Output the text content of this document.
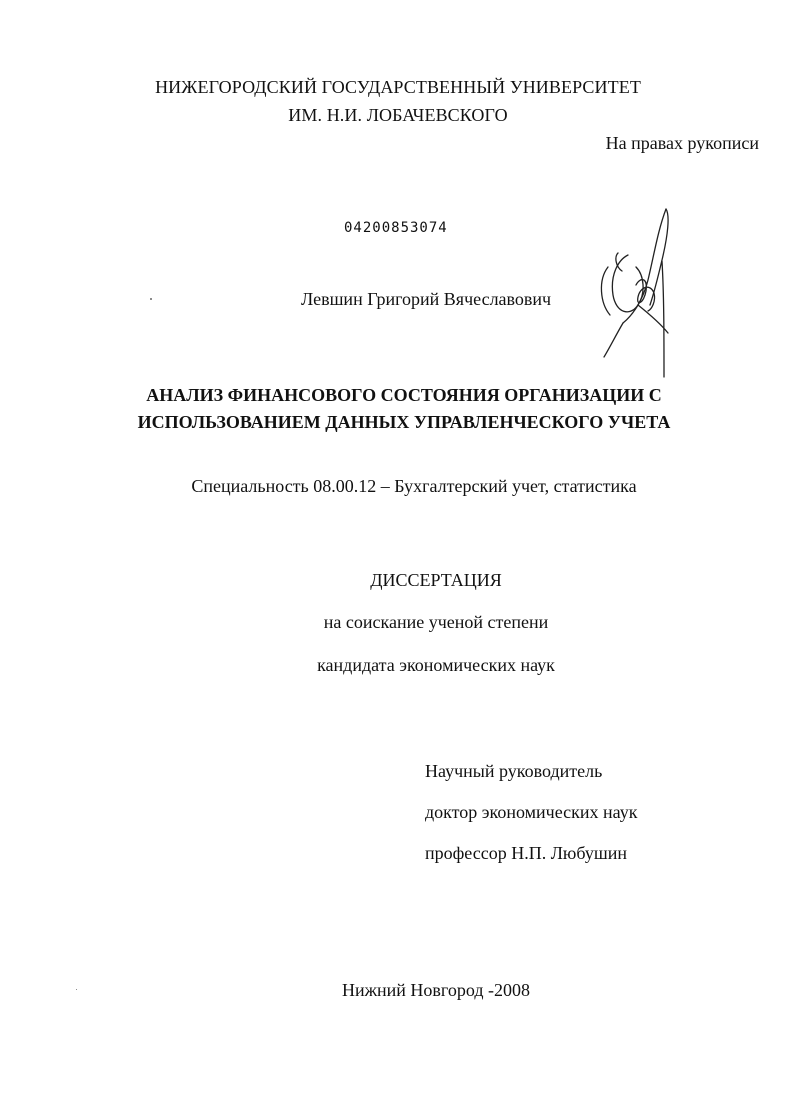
НИЖЕГОРОДСКИЙ ГОСУДАРСТВЕННЫЙ УНИВЕРСИТЕТ
ИМ. Н.И. ЛОБАЧЕВСКОГО
На правах рукописи
04200853074
Левшин Григорий Вячеславович
АНАЛИЗ ФИНАНСОВОГО СОСТОЯНИЯ ОРГАНИЗАЦИИ С
ИСПОЛЬЗОВАНИЕМ ДАННЫХ УПРАВЛЕНЧЕСКОГО УЧЕТА
Специальность 08.00.12 – Бухгалтерский учет, статистика
ДИССЕРТАЦИЯ
на соискание ученой степени
кандидата экономических наук
Научный руководитель
доктор экономических наук
профессор Н.П. Любушин
Нижний Новгород -2008
